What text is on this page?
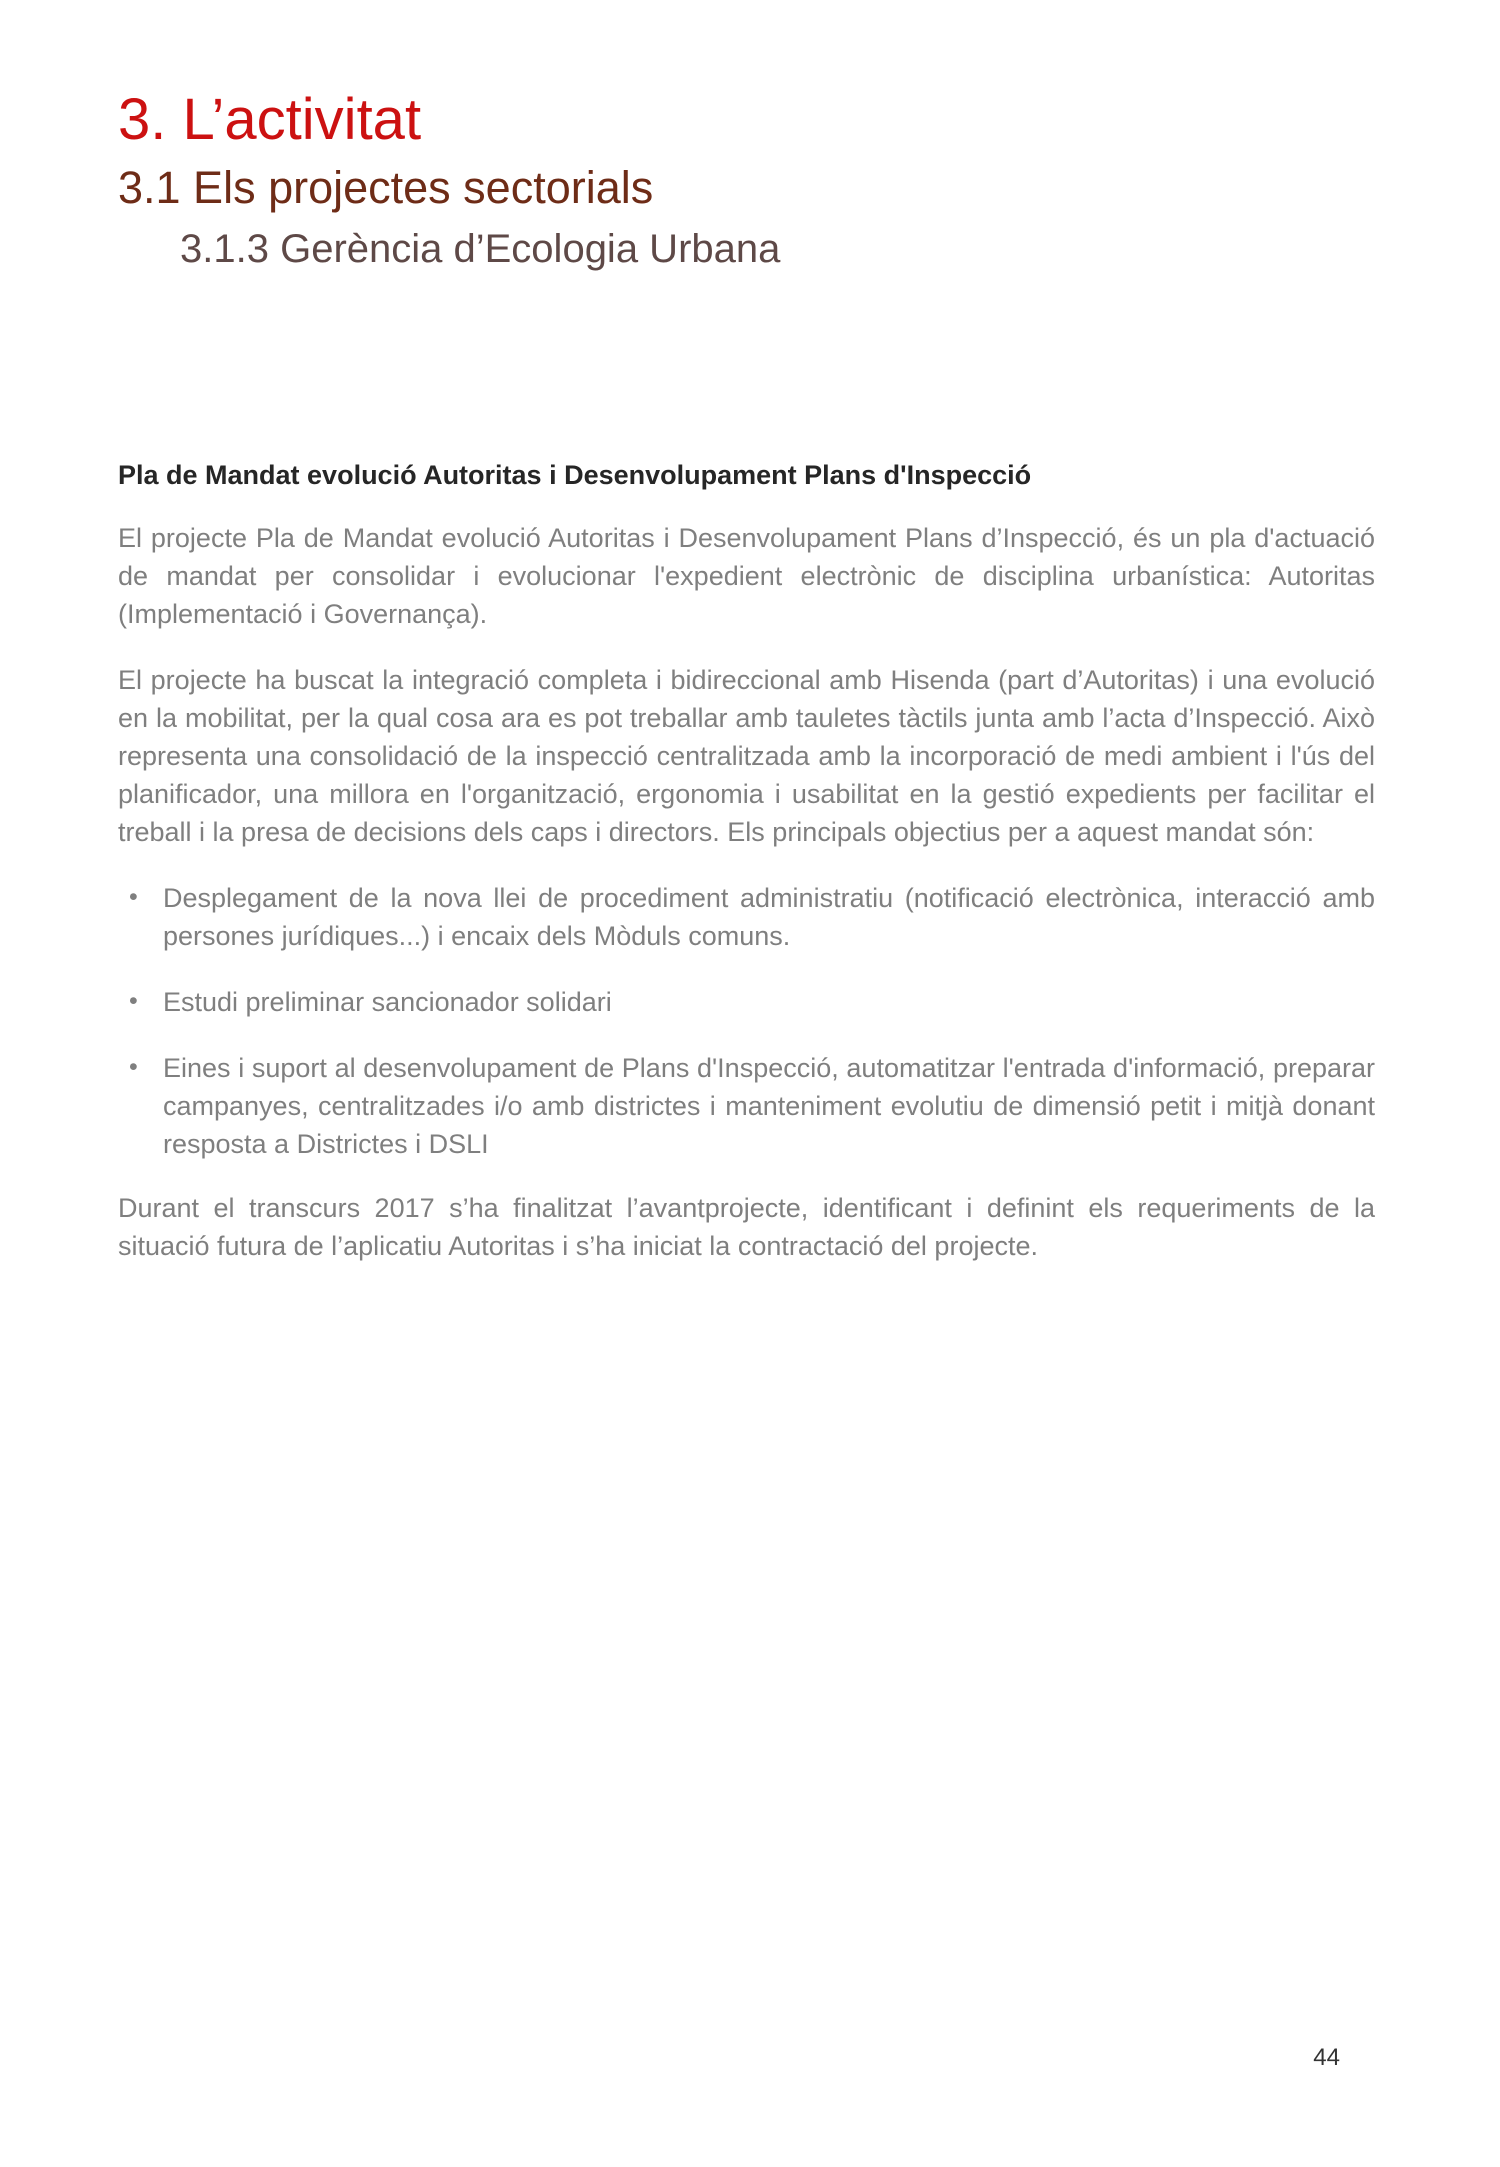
3. L’activitat
3.1 Els projectes sectorials
3.1.3 Gerència d’Ecologia Urbana

Pla de Mandat evolució Autoritas i Desenvolupament Plans d'Inspecció

El projecte Pla de Mandat evolució Autoritas i Desenvolupament Plans d’Inspecció, és un pla d'actuació de mandat per consolidar i evolucionar l'expedient electrònic de disciplina urbanística: Autoritas (Implementació i Governança).

El projecte ha buscat la integració completa i bidireccional amb Hisenda (part d’Autoritas) i una evolució en la mobilitat, per la qual cosa ara es pot treballar amb tauletes tàctils junta amb l’acta d’Inspecció. Això representa una consolidació de la inspecció centralitzada amb la incorporació de medi ambient i l'ús del planificador, una millora en l'organització, ergonomia i usabilitat en la gestió expedients per facilitar el treball i la presa de decisions dels caps i directors. Els principals objectius per a aquest mandat són:

• Desplegament de la nova llei de procediment administratiu (notificació electrònica, interacció amb persones jurídiques...) i encaix dels Mòduls comuns.
• Estudi preliminar sancionador solidari
• Eines i suport al desenvolupament de Plans d'Inspecció, automatitzar l'entrada d'informació, preparar campanyes, centralitzades i/o amb districtes i manteniment evolutiu de dimensió petit i mitjà donant resposta a Districtes i DSLI

Durant el transcurs 2017 s’ha finalitzat l’avantprojecte, identificant i definint els requeriments de la situació futura de l’aplicatiu Autoritas i s’ha iniciat la contractació del projecte.

44
